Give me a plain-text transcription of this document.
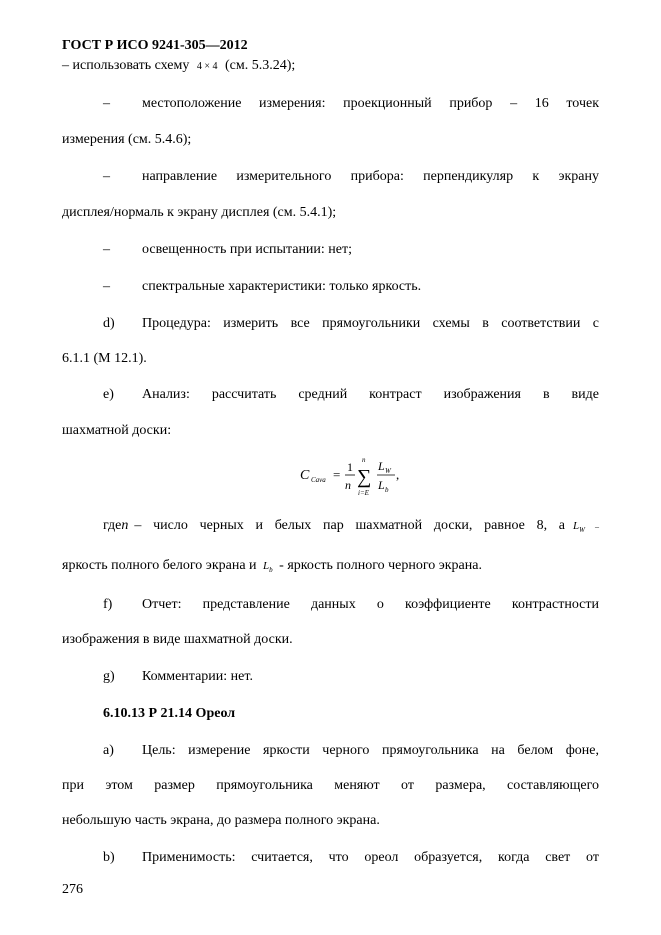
ГОСТ Р ИСО 9241-305—2012
– использовать схему 4 × 4 (см. 5.3.24);
– местоположение измерения: проекционный прибор – 16 точек
измерения (см. 5.4.6);
– направление измерительного прибора: перпендикуляр к экрану
дисплея/нормаль к экрану дисплея (см. 5.4.1);
– освещенность при испытании: нет;
– спектральные характеристики: только яркость.
d) Процедура: измерить все прямоугольники схемы в соответствии с
6.1.1 (М 12.1).
e) Анализ: рассчитать средний контраст изображения в виде
шахматной доски:
C Cava = 1
n
n
∑
i=E
L W
L b
,
где n – число черных и белых пар шахматной доски, равное 8, а $L_W$ –
яркость полного белого экрана и $L_b$ - яркость полного черного экрана.
f) Отчет: представление данных о коэффициенте контрастности
изображения в виде шахматной доски.
g) Комментарии: нет.
6.10.13 Р 21.14 Ореол
a) Цель: измерение яркости черного прямоугольника на белом фоне,
при этом размер прямоугольника меняют от размера, составляющего
небольшую часть экрана, до размера полного экрана.
b) Применимость: считается, что ореол образуется, когда свет от
276
